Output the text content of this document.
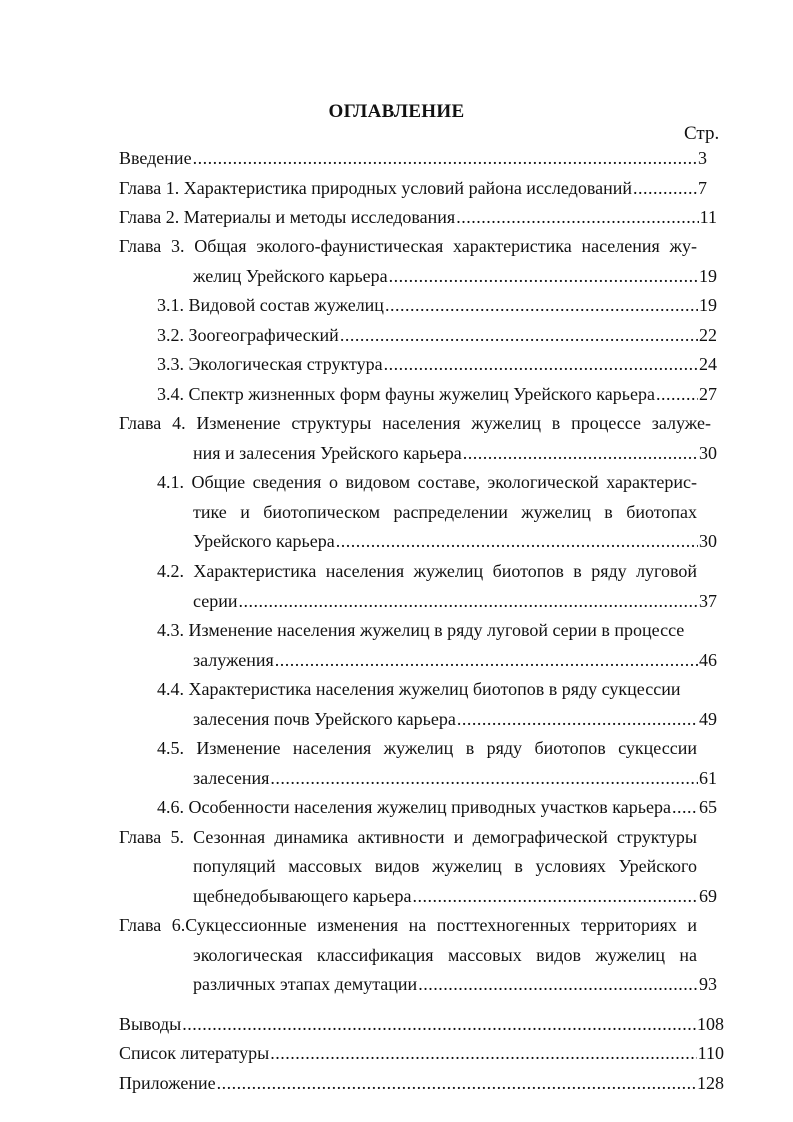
ОГЛАВЛЕНИЕ
Стр.
Введение .....	3
Глава 1. Характеристика природных условий района исследований .....	7
Глава 2. Материалы и методы исследования .....	11
Глава 3. Общая эколого-фаунистическая характеристика населения жу-
желиц Урейского карьера .....	19
3.1. Видовой состав жужелиц .....	19
3.2. Зоогеографический .....	22
3.3. Экологическая структура .....	24
3.4. Спектр жизненных форм фауны жужелиц Урейского карьера ..... 27
Глава 4. Изменение структуры населения жужелиц в процессе залуже-
ния и залесения Урейского карьера .....	30
4.1. Общие сведения о видовом составе, экологической характерис-
тике и биотопическом распределении жужелиц в биотопах
Урейского карьера .....	30
4.2. Характеристика населения жужелиц биотопов в ряду луговой
серии .....	37
4.3. Изменение населения жужелиц в ряду луговой серии в процессе
залужения .....	46
4.4. Характеристика населения жужелиц биотопов в ряду сукцессии
залесения почв Урейского карьера .....	49
4.5. Изменение населения жужелиц в ряду биотопов сукцессии
залесения .....	61
4.6. Особенности населения жужелиц приводных участков карьера ..... 65
Глава 5. Сезонная динамика активности и демографической структуры
популяций массовых видов жужелиц в условиях Урейского
щебнедобывающего карьера .....	69
Глава 6.Сукцессионные изменения на посттехногенных территориях и
экологическая классификация массовых видов жужелиц на
различных этапах демутации .....	93
Выводы .....	108
Список литературы .....	110
Приложение .....	128
